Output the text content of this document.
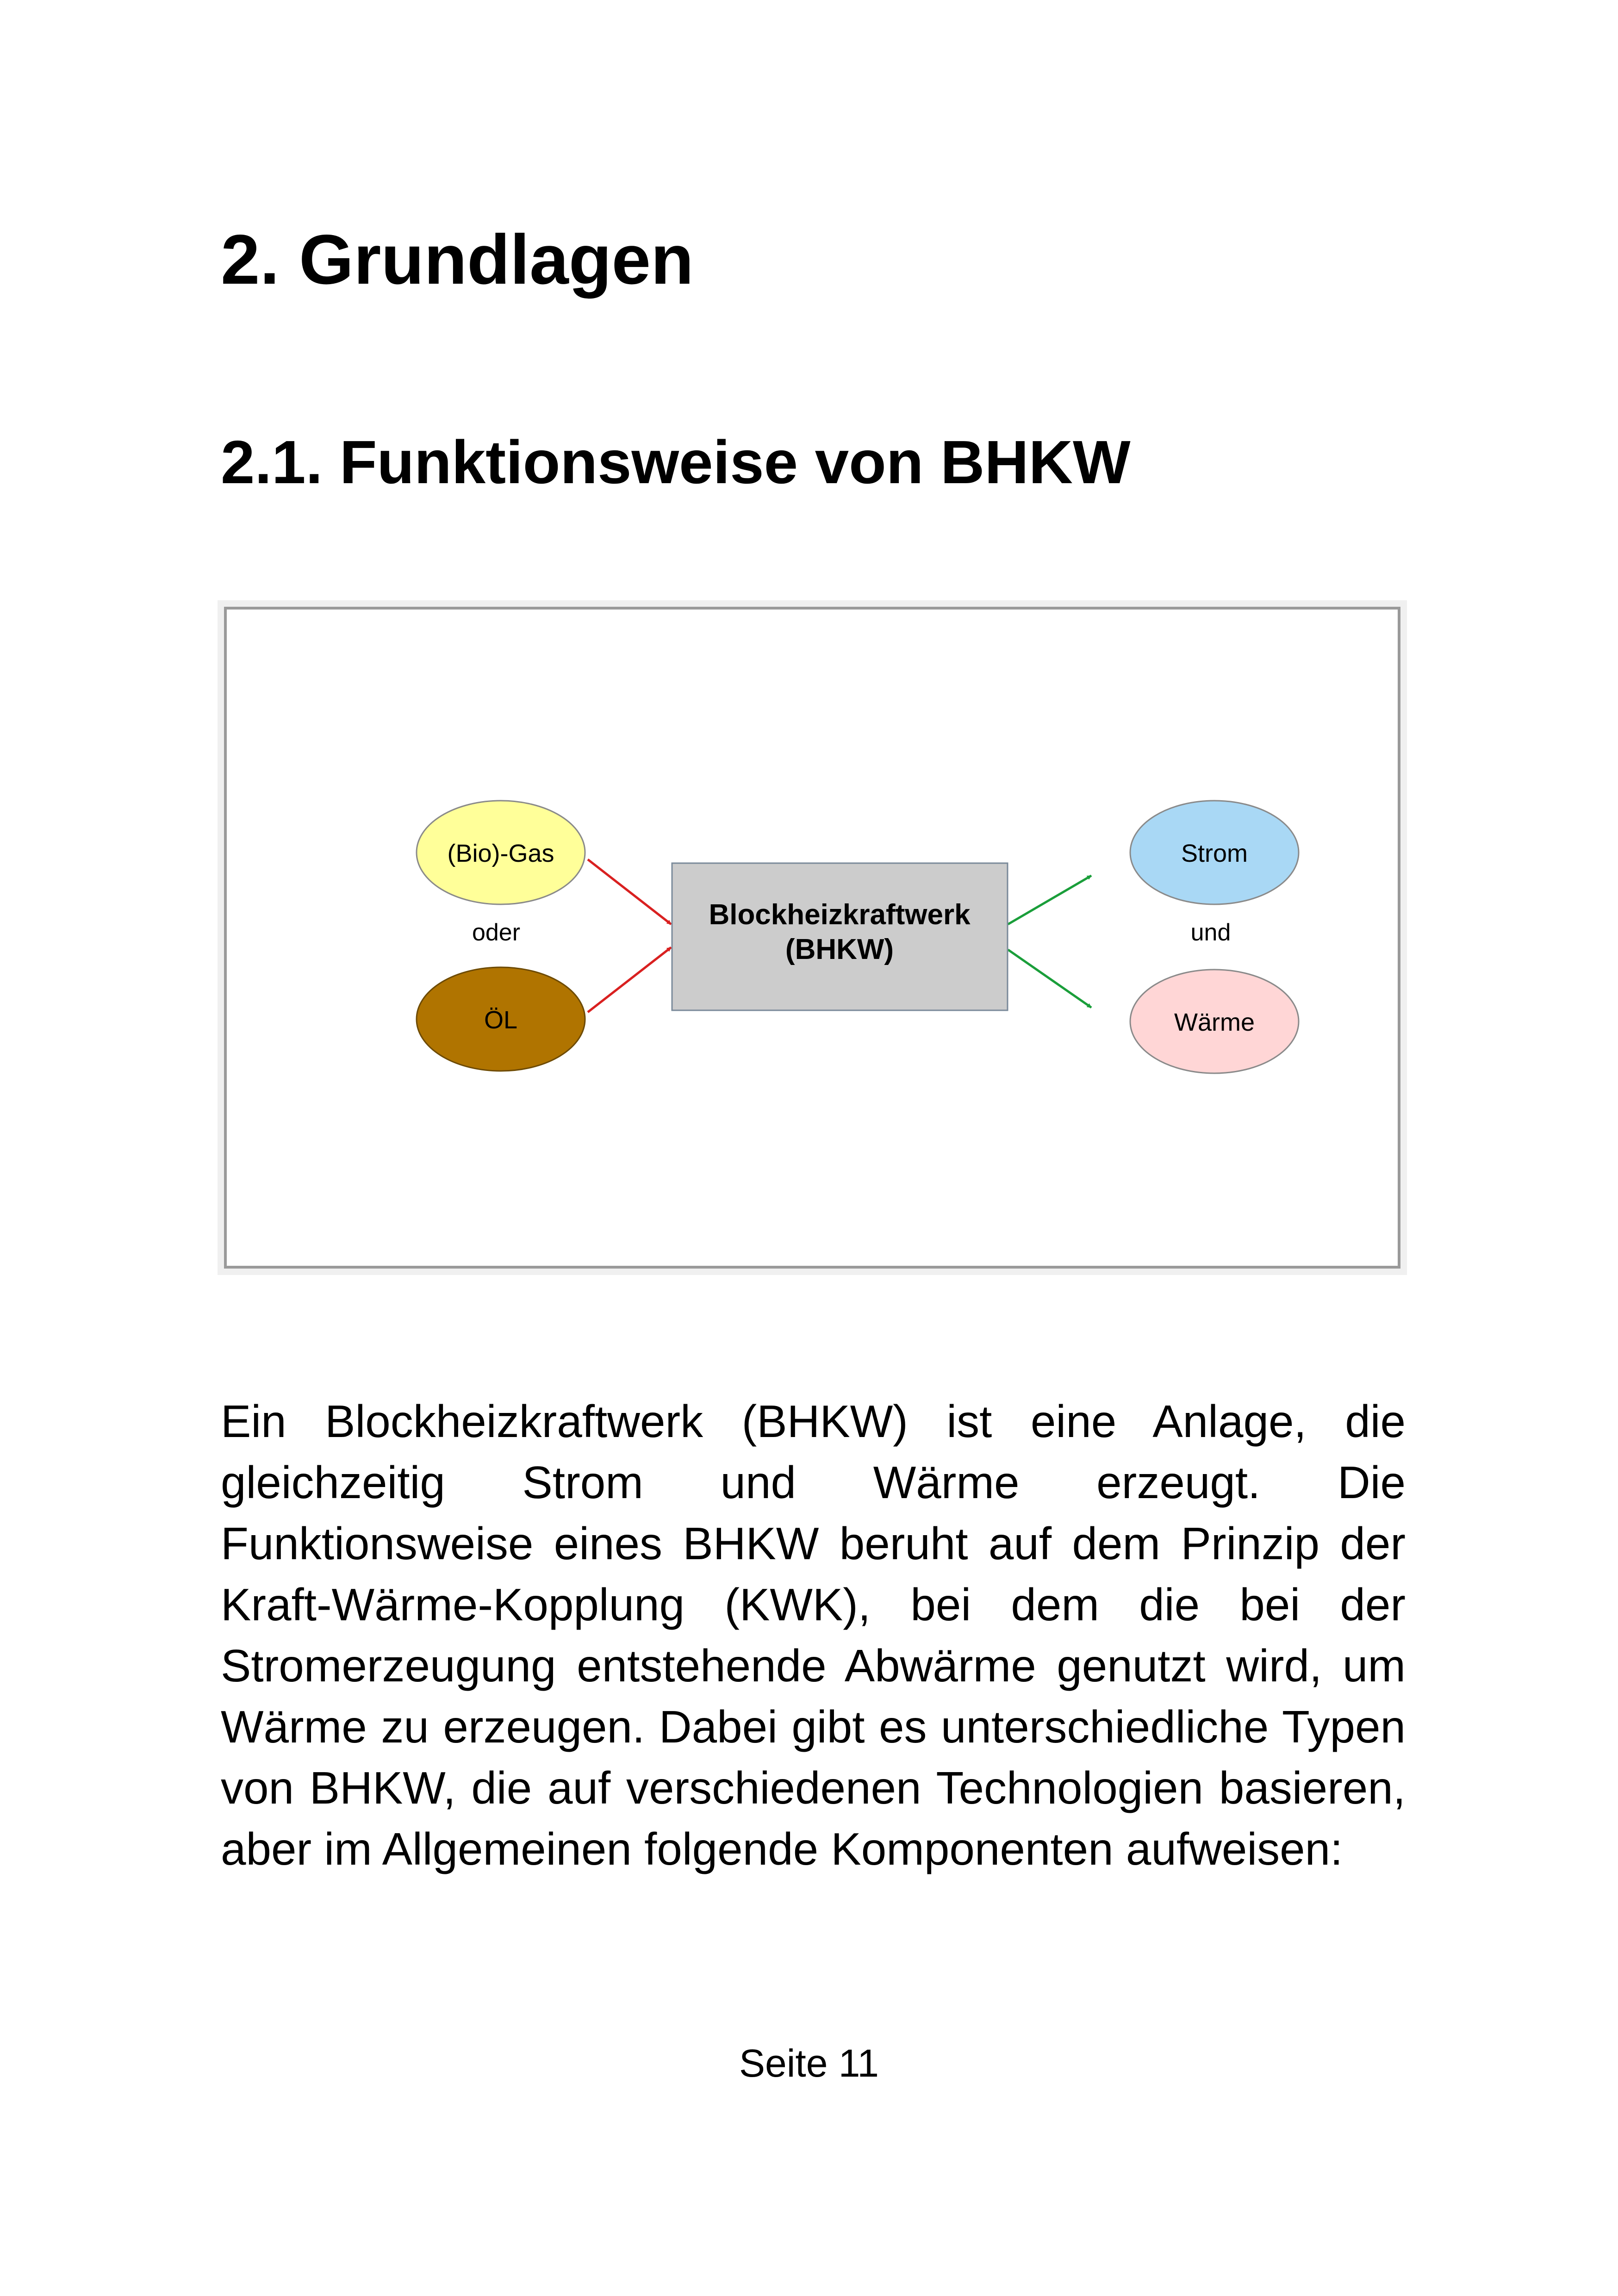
2. Grundlagen
2.1. Funktionsweise von BHKW
(Bio)-Gas
oder
ÖL
Blockheizkraftwerk
(BHKW)
Strom
und
Wärme

Ein Blockheizkraftwerk (BHKW) ist eine Anlage, die gleichzeitig Strom und Wärme erzeugt. Die Funktionsweise eines BHKW beruht auf dem Prinzip der Kraft-Wärme-Kopplung (KWK), bei dem die bei der Stromerzeugung entstehende Abwärme genutzt wird, um Wärme zu erzeugen. Dabei gibt es unterschiedliche Typen von BHKW, die auf verschiedenen Technologien basieren, aber im Allgemeinen folgende Komponenten aufweisen:

Seite 11
